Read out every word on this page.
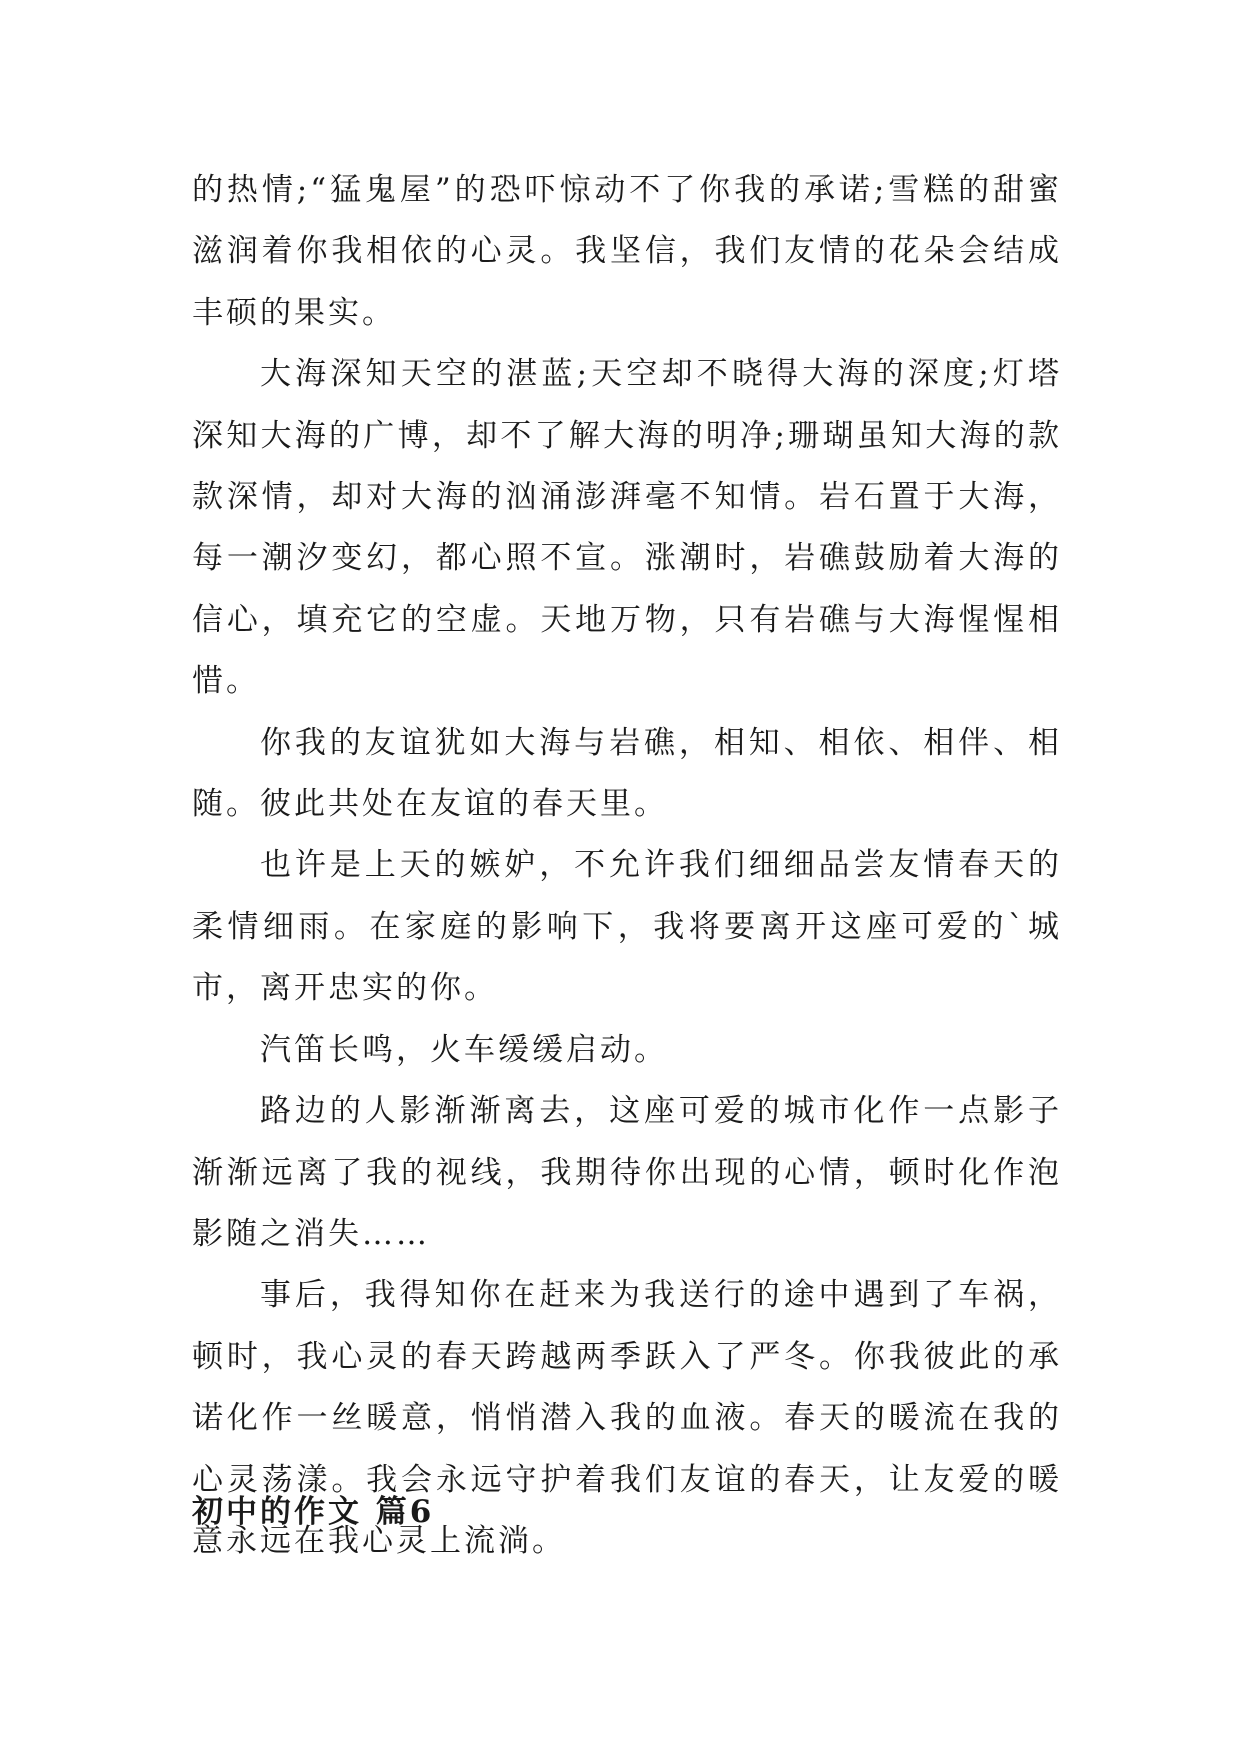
的热情;“猛鬼屋”的恐吓惊动不了你我的承诺;雪糕的甜蜜滋润着你我相依的心灵。我坚信，我们友情的花朵会结成丰硕的果实。

大海深知天空的湛蓝;天空却不晓得大海的深度;灯塔深知大海的广博，却不了解大海的明净;珊瑚虽知大海的款款深情，却对大海的汹涌澎湃毫不知情。岩石置于大海，每一潮汐变幻，都心照不宣。涨潮时，岩礁鼓励着大海的信心，填充它的空虚。天地万物，只有岩礁与大海惺惺相惜。

你我的友谊犹如大海与岩礁，相知、相依、相伴、相随。彼此共处在友谊的春天里。

也许是上天的嫉妒，不允许我们细细品尝友情春天的柔情细雨。在家庭的影响下，我将要离开这座可爱的`城市，离开忠实的你。

汽笛长鸣，火车缓缓启动。

路边的人影渐渐离去，这座可爱的城市化作一点影子渐渐远离了我的视线，我期待你出现的心情，顿时化作泡影随之消失……

事后，我得知你在赶来为我送行的途中遇到了车祸，顿时，我心灵的春天跨越两季跃入了严冬。你我彼此的承诺化作一丝暖意，悄悄潜入我的血液。春天的暖流在我的心灵荡漾。我会永远守护着我们友谊的春天，让友爱的暖意永远在我心灵上流淌。

初中的作文 篇6
